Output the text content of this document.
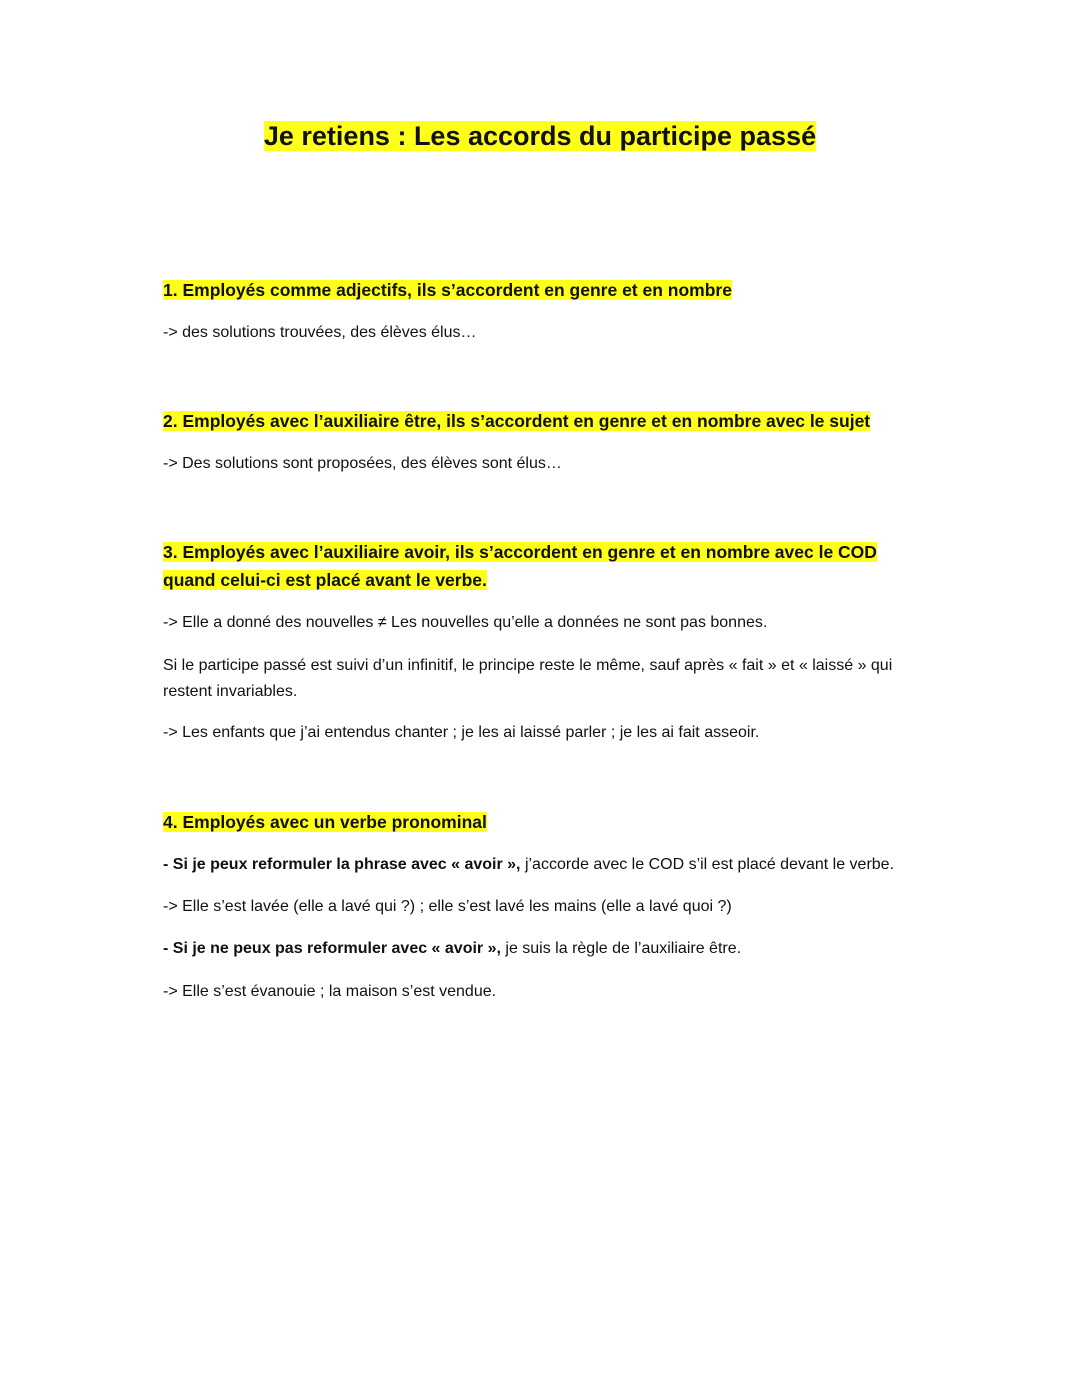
Je retiens : Les accords du participe passé
1. Employés comme adjectifs, ils s’accordent en genre et en nombre
-> des solutions trouvées, des élèves élus…
2. Employés avec l’auxiliaire être, ils s’accordent en genre et en nombre avec le sujet
-> Des solutions sont proposées, des élèves sont élus…
3. Employés avec l’auxiliaire avoir, ils s’accordent en genre et en nombre avec le COD
quand celui-ci est placé avant le verbe.
-> Elle a donné des nouvelles ≠ Les nouvelles qu’elle a données ne sont pas bonnes.
Si le participe passé est suivi d’un infinitif, le principe reste le même, sauf après « fait » et « laissé » qui restent invariables.
-> Les enfants que j’ai entendus chanter ; je les ai laissé parler ; je les ai fait asseoir.
4. Employés avec un verbe pronominal
- Si je peux reformuler la phrase avec « avoir », j’accorde avec le COD s’il est placé devant le verbe.
-> Elle s’est lavée (elle a lavé qui ?) ; elle s’est lavé les mains (elle a lavé quoi ?)
- Si je ne peux pas reformuler avec « avoir », je suis la règle de l’auxiliaire être.
-> Elle s’est évanouie ; la maison s’est vendue.
